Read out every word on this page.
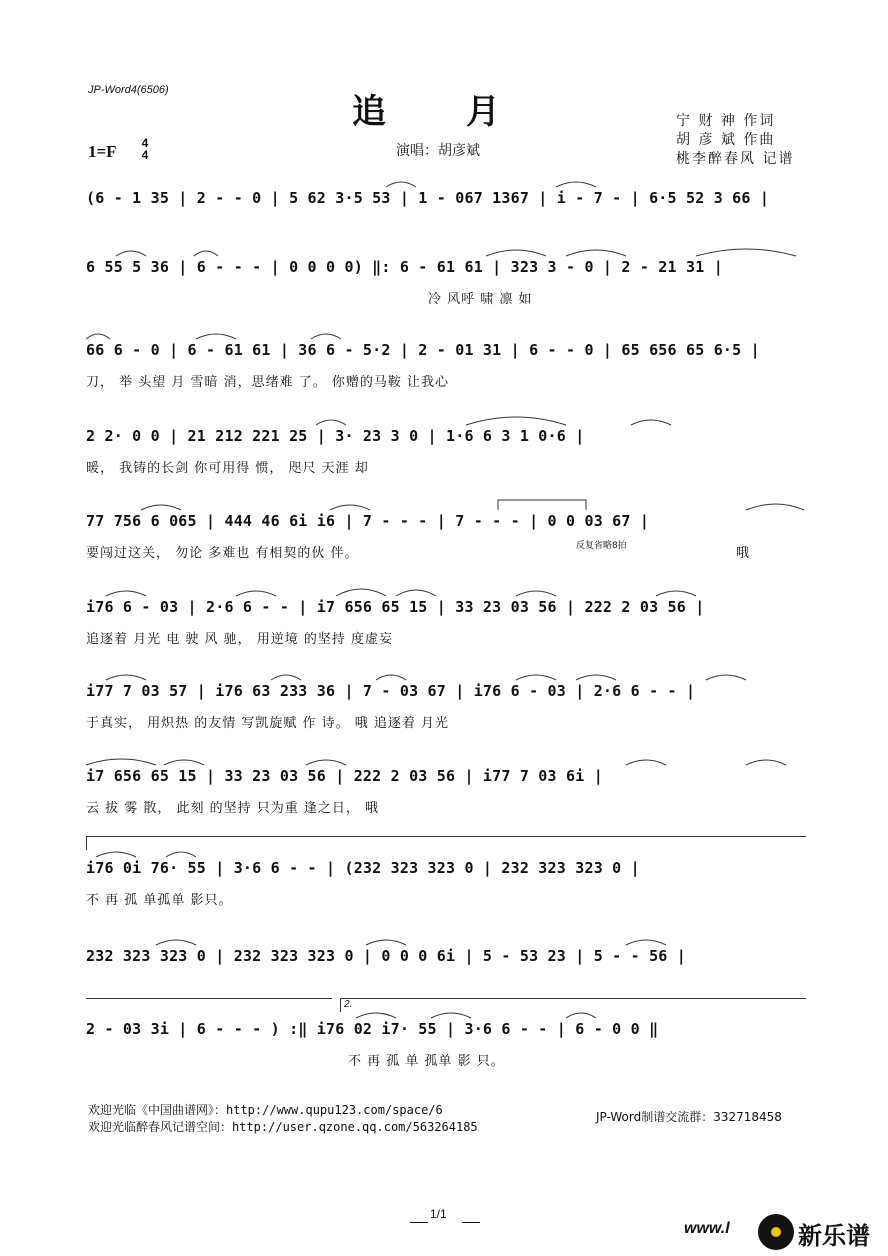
JP-Word4(6506)
追月	宁 财 神 作词
胡 彦 斌 作曲
桃李醉春风 记谱
1=F	4
4	演唱：胡彦斌
(6 - 1 35 | 2 - - 0 | 5 62 3·5 53 | 1 - 067 1367 | i - 7 - | 6·5 52 3 66 |
6 55 5 36 | 6 - - - | 0 0 0 0) ‖: 6 - 61 61 | 323 3 - 0 | 2 - 21 31 |
冷 风呼 啸 凛 如
66 6 - 0 | 6 - 61 61 | 36 6 - 5·2 | 2 - 01 31 | 6 - - 0 | 65 656 65 6·5 |
刀， 举 头望 月 雪暗 消，思绪难 了。 你赠的马鞍 让我心
2 2· 0 0 | 21 212 221 25 | 3· 23 3 0 | 1·6 6 3 1 0·6 |
暖， 我铸的长剑 你可用得 惯， 咫尺 天涯 却
77 756 6 065 | 444 46 6i i6 | 7 - - - | 7 - - - | 0 0 03 67 |
要闯过这关， 勿论 多难也 有相契的伙 伴。	反复省略8拍	哦
i76 6 - 03 | 2·6 6 - - | i7 656 65 15 | 33 23 03 56 | 222 2 03 56 |
追逐着 月光 电 驶 风 驰， 用逆境 的坚持 度虚妄
i77 7 03 57 | i76 63 233 36 | 7 - 03 67 | i76 6 - 03 | 2·6 6 - - |
于真实， 用炽热 的友情 写凯旋赋 作 诗。 哦 追逐着 月光
i7 656 65 15 | 33 23 03 56 | 222 2 03 56 | i77 7 03 6i |
云 拔 雾 散， 此刻 的坚持 只为重 逢之日， 哦
i76 0i 76· 55 | 3·6 6 - - | (232 323 323 0 | 232 323 323 0 |
不 再 孤 单孤单 影只。
232 323 323 0 | 232 323 323 0 | 0 0 0 6i | 5 - 53 23 | 5 - - 56 |
2.
2 - 03 3i | 6 - - - ) :‖ i76 02 i7· 55 | 3·6 6 - - | 6 - 0 0 ‖
不 再 孤 单 孤单 影 只。
欢迎光临《中国曲谱网》：http://www.qupu123.com/space/6
欢迎光临醉春风记谱空间：http://user.qzone.qq.com/563264185
JP-Word制谱交流群：332718458
1/1
www.l	新乐谱
